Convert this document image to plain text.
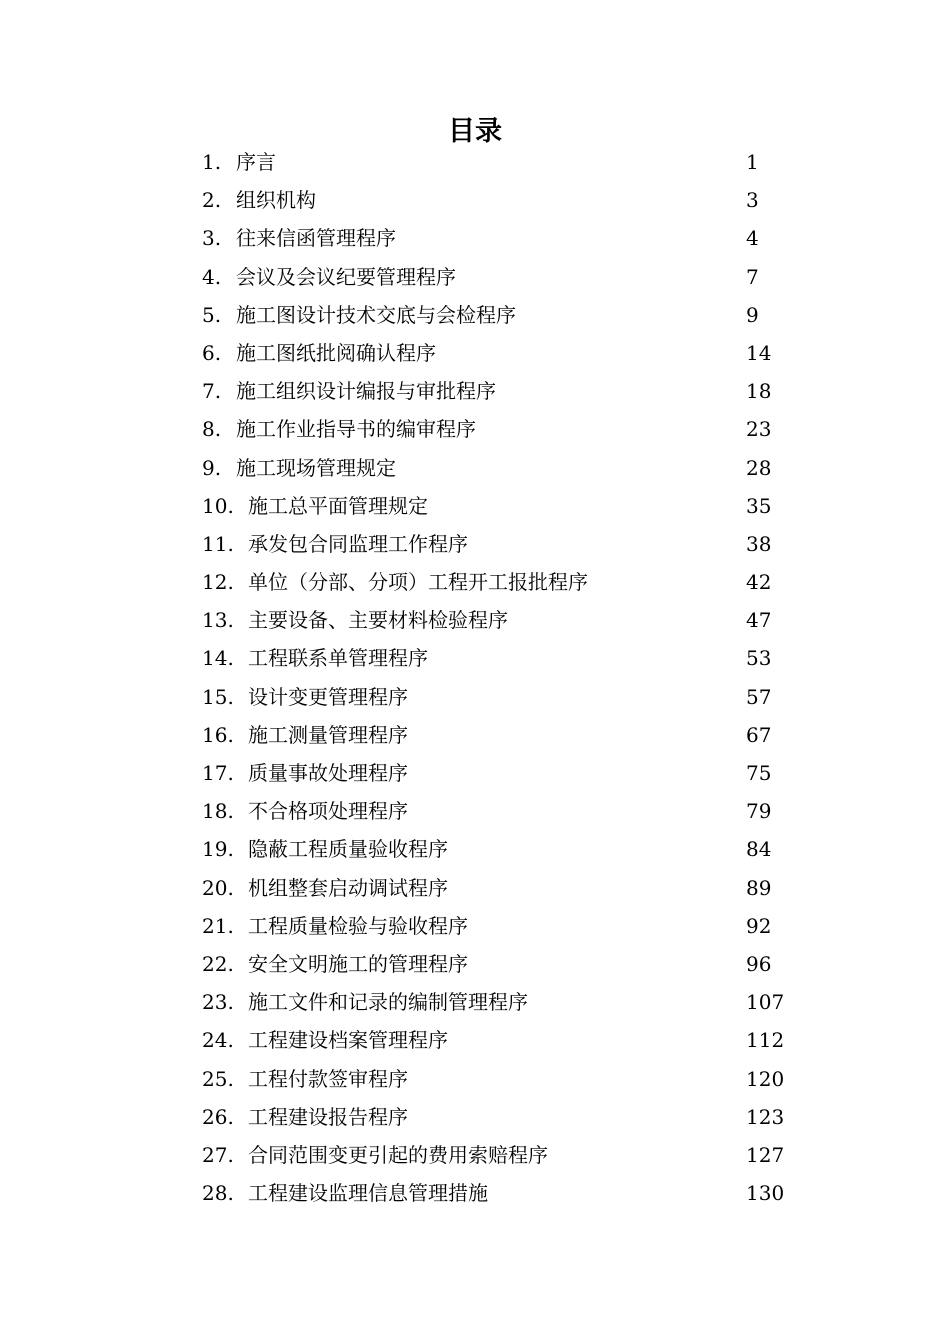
目录
1. 序言	1
2. 组织机构	3
3. 往来信函管理程序	4
4. 会议及会议纪要管理程序	7
5. 施工图设计技术交底与会检程序	9
6. 施工图纸批阅确认程序	14
7. 施工组织设计编报与审批程序	18
8. 施工作业指导书的编审程序	23
9. 施工现场管理规定	28
10. 施工总平面管理规定	35
11. 承发包合同监理工作程序	38
12. 单位（分部、分项）工程开工报批程序	42
13. 主要设备、主要材料检验程序	47
14. 工程联系单管理程序	53
15. 设计变更管理程序	57
16. 施工测量管理程序	67
17. 质量事故处理程序	75
18. 不合格项处理程序	79
19. 隐蔽工程质量验收程序	84
20. 机组整套启动调试程序	89
21. 工程质量检验与验收程序	92
22. 安全文明施工的管理程序	96
23. 施工文件和记录的编制管理程序	107
24. 工程建设档案管理程序	112
25. 工程付款签审程序	120
26. 工程建设报告程序	123
27. 合同范围变更引起的费用索赔程序	127
28. 工程建设监理信息管理措施	130
